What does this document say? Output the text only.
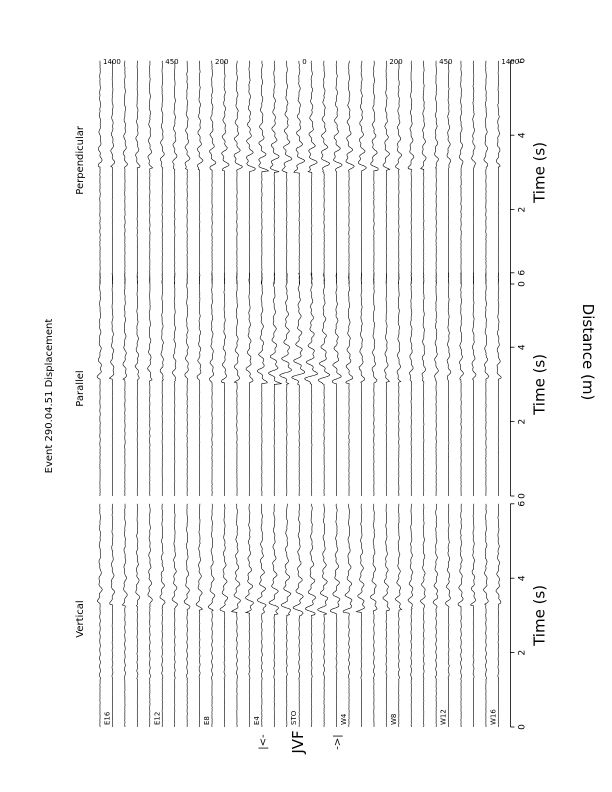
Event 290.04.51 Displacement
Vertical
0
2
4
6
Time (s)
Parallel
0
2
4
6
Time (s)
Perpendicular
0
2
4
6
Time (s)
E16	E12	E8	E4	STO	W4	W8	W12	W16
JVF
|<-	->|
1400	450	200	0	200	450	1400
Distance (m)
